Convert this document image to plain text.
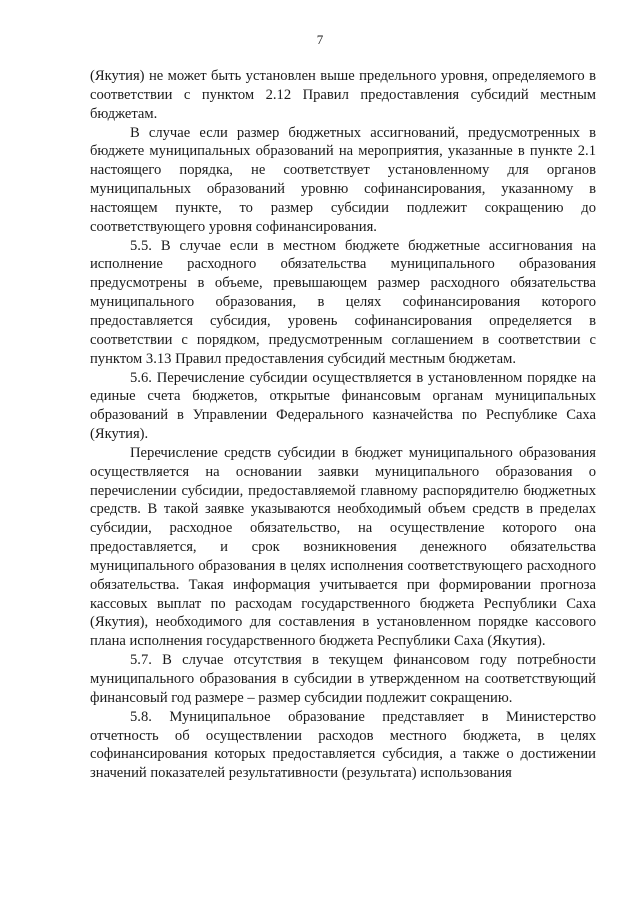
7

(Якутия) не может быть установлен выше предельного уровня, определяемого в соответствии с пунктом 2.12 Правил предоставления субсидий местным бюджетам.

В случае если размер бюджетных ассигнований, предусмотренных в бюджете муниципальных образований на мероприятия, указанные в пункте 2.1 настоящего порядка, не соответствует установленному для органов муниципальных образований уровню софинансирования, указанному в настоящем пункте, то размер субсидии подлежит сокращению до соответствующего уровня софинансирования.

5.5. В случае если в местном бюджете бюджетные ассигнования на исполнение расходного обязательства муниципального образования предусмотрены в объеме, превышающем размер расходного обязательства муниципального образования, в целях софинансирования которого предоставляется субсидия, уровень софинансирования определяется в соответствии с порядком, предусмотренным соглашением в соответствии с пунктом 3.13 Правил предоставления субсидий местным бюджетам.

5.6. Перечисление субсидии осуществляется в установленном порядке на единые счета бюджетов, открытые финансовым органам муниципальных образований в Управлении Федерального казначейства по Республике Саха (Якутия).

Перечисление средств субсидии в бюджет муниципального образования осуществляется на основании заявки муниципального образования о перечислении субсидии, предоставляемой главному распорядителю бюджетных средств. В такой заявке указываются необходимый объем средств в пределах субсидии, расходное обязательство, на осуществление которого она предоставляется, и срок возникновения денежного обязательства муниципального образования в целях исполнения соответствующего расходного обязательства. Такая информация учитывается при формировании прогноза кассовых выплат по расходам государственного бюджета Республики Саха (Якутия), необходимого для составления в установленном порядке кассового плана исполнения государственного бюджета Республики Саха (Якутия).

5.7. В случае отсутствия в текущем финансовом году потребности муниципального образования в субсидии в утвержденном на соответствующий финансовый год размере – размер субсидии подлежит сокращению.

5.8. Муниципальное образование представляет в Министерство отчетность об осуществлении расходов местного бюджета, в целях софинансирования которых предоставляется субсидия, а также о достижении значений показателей результативности (результата) использования
